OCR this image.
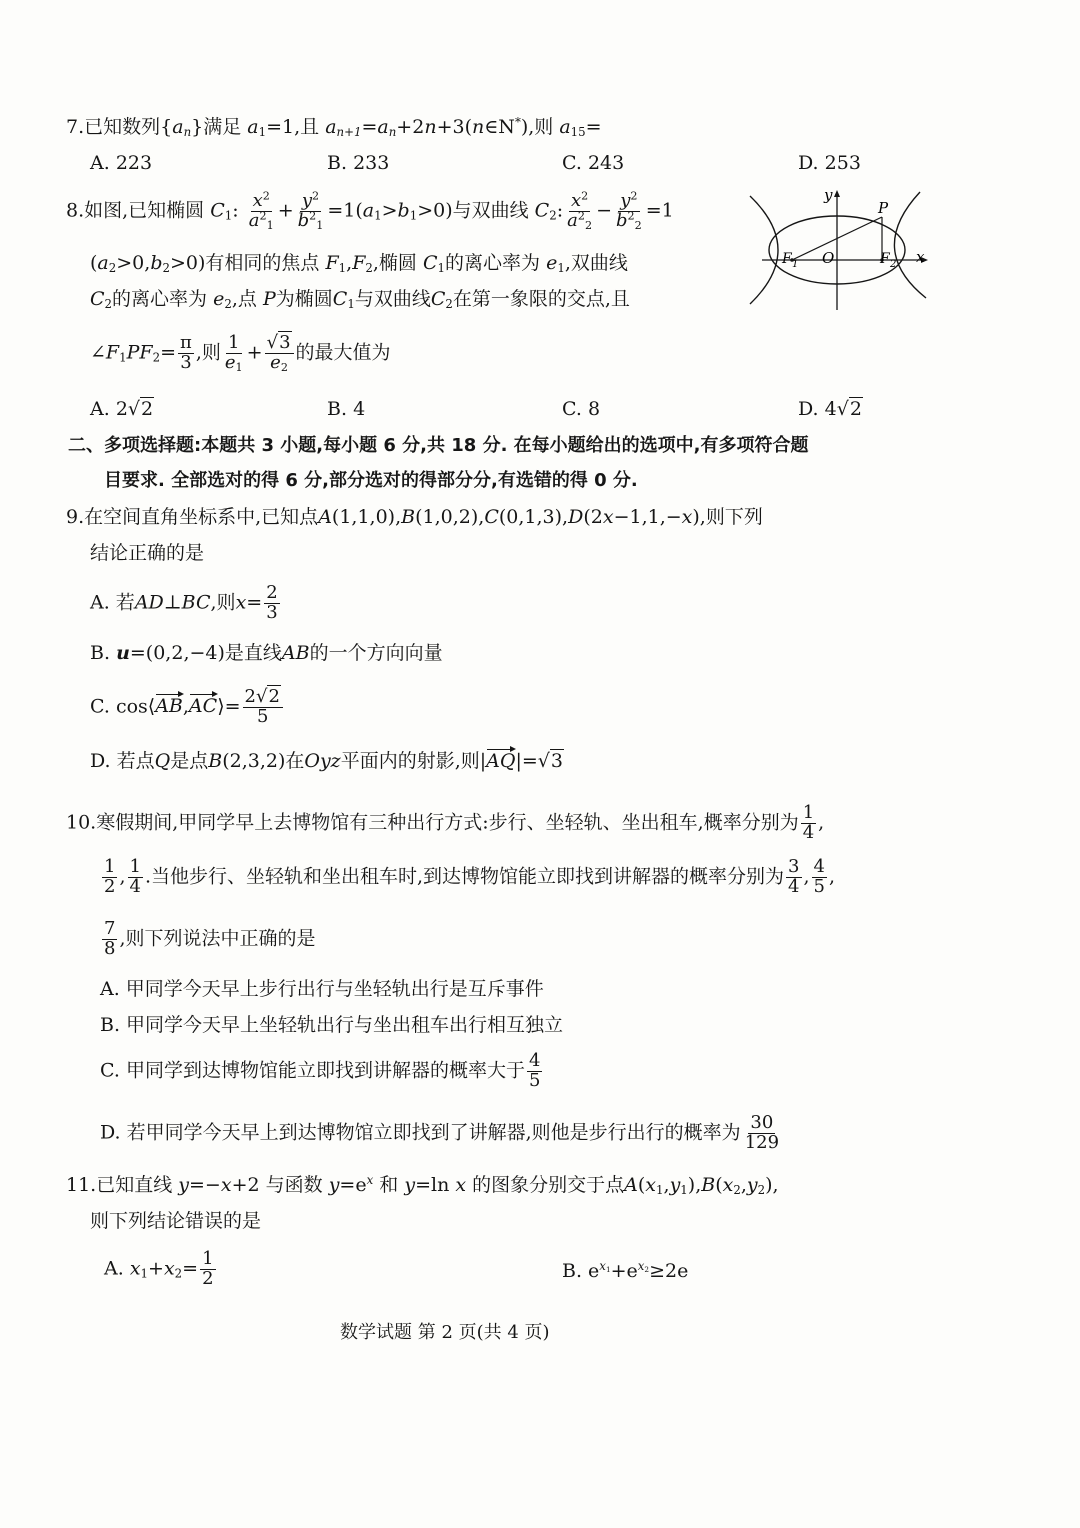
7.已知数列$\{a_n\}$满足 $a_1=1$,且 $a_{n+1}=a_n+2n+3(n\in N^*)$,则 $a_{15}=$
A. 223	B. 233	C. 243	D. 253
8.如图,已知椭圆 $C_1$: $\frac{x^2}{a^2_1} + \frac{y^2}{b^2_1} =1(a_1>b_1>0)$与双曲线 $C_2$: $\frac{x^2}{a^2_2} - \frac{y^2}{b^2_2} =1$
$(a_2>0,b_2>0)$有相同的焦点 $F_1,F_2$,椭圆 $C_1$的离心率为 $e_1$,双曲线
$C_2$的离心率为 $e_2$,点 P为椭圆$C_1$与双曲线$C_2$在第一象限的交点,且
$\angle F_1PF_2= \frac{\pi}{3}$ ,则 $\frac{1}{e_1} + \frac{√3}{e_2}$ 的最大值为
A. 2√2	B. 4	C. 8	D. 4√2
y
x
O
P
F 1	F 2
二、多项选择题:本题共 3 小题,每小题 6 分,共 18 分. 在每小题给出的选项中,有多项符合题
目要求. 全部选对的得 6 分,部分选对的得部分分,有选错的得 0 分.
9.在空间直角坐标系中,已知点A(1,1,0),B(1,0,2),C(0,1,3),D(2x−1,1,−x),则下列
结论正确的是
A. 若AD⊥BC,则$x= \frac{2}{3}$
B. u=(0,2,−4)是直线AB的一个方向向量
C. cos⟨AB,AC⟩= $\frac{2√2}{5}$
D. 若点Q是点B(2,3,2)在Oyz平面内的射影,则|AQ|=√3
10.寒假期间,甲同学早上去博物馆有三种出行方式:步行、坐轻轨、坐出租车,概率分别为 $\frac{1}{4}$ ,
$\frac{1}{2}$ , $\frac{1}{4}$ .当他步行、坐轻轨和坐出租车时,到达博物馆能立即找到讲解器的概率分别为 $\frac{3}{4}$ , $\frac{4}{5}$ ,
$\frac{7}{8}$ ,则下列说法中正确的是
A. 甲同学今天早上步行出行与坐轻轨出行是互斥事件
B. 甲同学今天早上坐轻轨出行与坐出租车出行相互独立
C. 甲同学到达博物馆能立即找到讲解器的概率大于 $\frac{4}{5}$
D. 若甲同学今天早上到达博物馆立即找到了讲解器,则他是步行出行的概率为 $\frac{30}{129}$
11.已知直线 y=−x+2 与函数 $y=e^x$ 和 y=ln x 的图象分别交于点$A(x_1,y_1),B(x_2,y_2)$,
则下列结论错误的是
A. $x_1+x_2= \frac{1}{2}$	B. $e^{x_1}+e^{x_2}\ge 2e$
数学试题 第 2 页(共 4 页)
